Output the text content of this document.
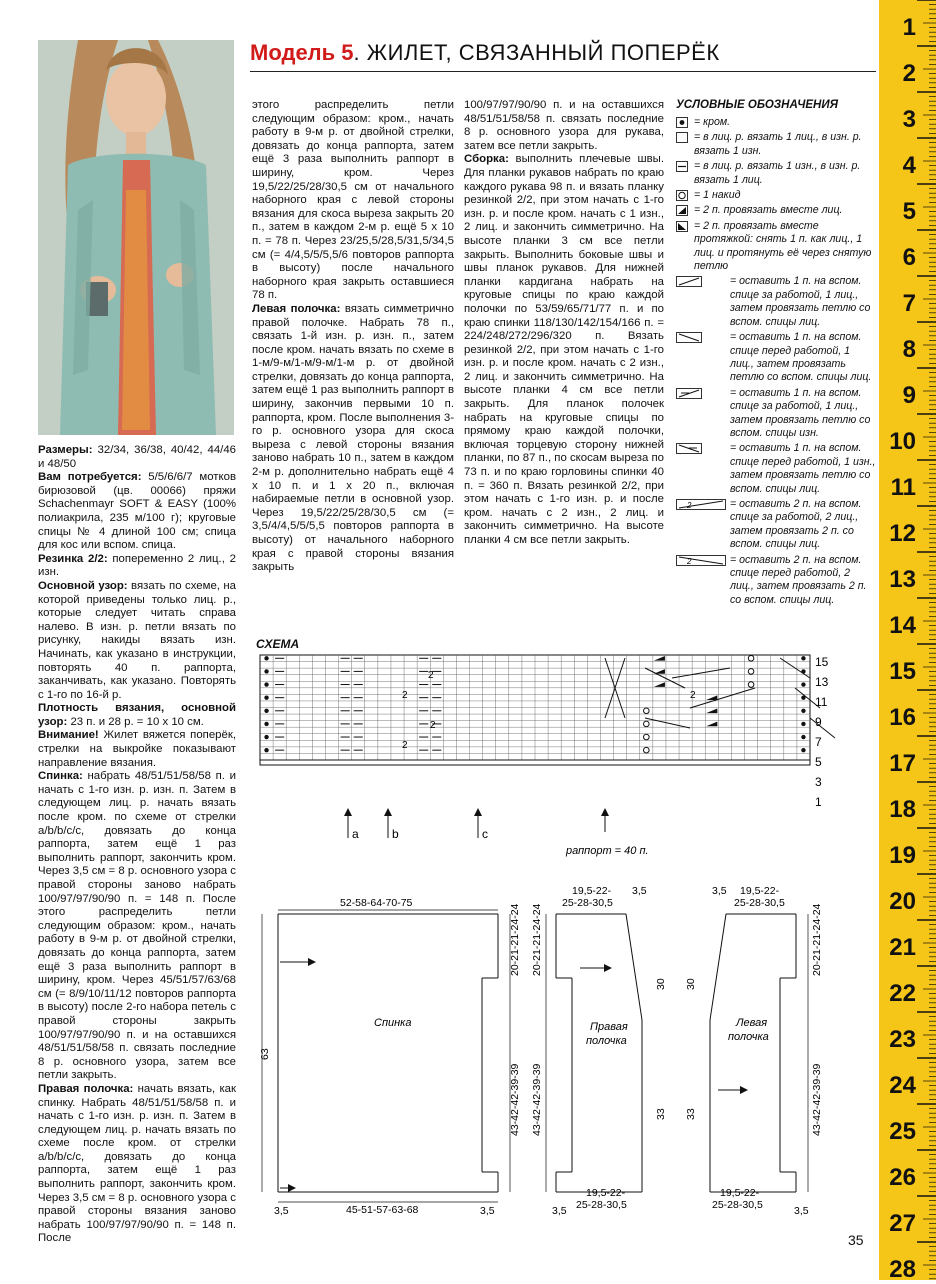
Модель 5. ЖИЛЕТ, СВЯЗАННЫЙ ПОПЕРЁК

Размеры: 32/34, 36/38, 40/42, 44/46 и 48/50

Вам потребуется: 5/5/6/6/7 мотков бирюзовой (цв. 00066) пряжи Schachenmayr SOFT & EASY (100% полиакрила, 235 м/100 г); круговые спицы № 4 длиной 100 см; спица для кос или вспом. спица.

Резинка 2/2: попеременно 2 лиц., 2 изн.

Основной узор: вязать по схеме, на которой приведены только лиц. р., которые следует читать справа налево. В изн. р. петли вязать по рисунку, накиды вязать изн. Начинать, как указано в инструкции, повторять 40 п. раппорта, заканчивать, как указано. Повторять с 1-го по 16-й р.

Плотность вязания, основной узор: 23 п. и 28 р. = 10 х 10 см.

Внимание! Жилет вяжется поперёк, стрелки на выкройке показывают направление вязания.

Спинка: набрать 48/51/51/58/58 п. и начать с 1-го изн. р. изн. п. Затем в следующем лиц. р. начать вязать после кром. по схеме от стрелки a/b/b/c/c, довязать до конца раппорта, затем ещё 1 раз выполнить раппорт, закончить кром. Через 3,5 см = 8 р. основного узора с правой стороны заново набрать 100/97/97/90/90 п. = 148 п. После этого распределить петли следующим образом: кром., начать работу в 9-м р. от двойной стрелки, довязать до конца раппорта, затем ещё 3 раза выполнить раппорт в ширину, кром. Через 45/51/57/63/68 см (= 8/9/10/11/12 повторов раппорта в высоту) после 2-го набора петель с правой стороны закрыть 100/97/97/90/90 п. и на оставшихся 48/51/51/58/58 п. связать последние 8 р. основного узора, затем все петли закрыть.

Правая полочка: начать вязать, как спинку. Набрать 48/51/51/58/58 п. и начать с 1-го изн. р. изн. п. Затем в следующем лиц. р. начать вязать по схеме после кром. от стрелки a/b/b/c/c, довязать до конца раппорта, затем ещё 1 раз выполнить раппорт, закончить кром. Через 3,5 см = 8 р. основного узора с правой стороны вязания заново набрать 100/97/97/90/90 п. = 148 п. После

этого распределить петли следующим образом: кром., начать работу в 9-м р. от двойной стрелки, довязать до конца раппорта, затем ещё 3 раза выполнить раппорт в ширину, кром. Через 19,5/22/25/28/30,5 см от начального наборного края с левой стороны вязания для скоса выреза закрыть 20 п., затем в каждом 2-м р. ещё 5 х 10 п. = 78 п. Через 23/25,5/28,5/31,5/34,5 см (= 4/4,5/5/5,5/6 повторов раппорта в высоту) после начального наборного края закрыть оставшиеся 78 п.

Левая полочка: вязать симметрично правой полочке. Набрать 78 п., связать 1-й изн. р. изн. п., затем после кром. начать вязать по схеме в 1-м/9-м/1-м/9-м/1-м р. от двойной стрелки, довязать до конца раппорта, затем ещё 1 раз выполнить раппорт в ширину, закончив первыми 10 п. раппорта, кром. После выполнения 3-го р. основного узора для скоса выреза с левой стороны вязания заново набрать 10 п., затем в каждом 2-м р. дополнительно набрать ещё 4 х 10 п. и 1 х 20 п., включая набираемые петли в основной узор. Через 19,5/22/25/28/30,5 см (= 3,5/4/4,5/5/5,5 повторов раппорта в высоту) от начального наборного края с правой стороны вязания закрыть

100/97/97/90/90 п. и на оставшихся 48/51/51/58/58 п. связать последние 8 р. основного узора для рукава, затем все петли закрыть.

Сборка: выполнить плечевые швы. Для планки рукавов набрать по краю каждого рукава 98 п. и вязать планку резинкой 2/2, при этом начать с 1-го изн. р. и после кром. начать с 1 изн., 2 лиц. и закончить симметрично. На высоте планки 3 см все петли закрыть. Выполнить боковые швы и швы планок рукавов. Для нижней планки кардигана набрать на круговые спицы по краю каждой полочки по 53/59/65/71/77 п. и по краю спинки 118/130/142/154/166 п. = 224/248/272/296/320 п. Вязать резинкой 2/2, при этом начать с 1-го изн. р. и после кром. начать с 2 изн., 2 лиц. и закончить симметрично. На высоте планки 4 см все петли закрыть. Для планок полочек набрать на круговые спицы по прямому краю каждой полочки, включая торцевую сторону нижней планки, по 87 п., по скосам выреза по 73 п. и по краю горловины спинки 40 п. = 360 п. Вязать резинкой 2/2, при этом начать с 1-го изн. р. и после кром. начать с 2 изн., 2 лиц. и закончить симметрично. На высоте планки 4 см все петли закрыть.

УСЛОВНЫЕ ОБОЗНАЧЕНИЯ
= кром.
= в лиц. р. вязать 1 лиц., в изн. р. вязать 1 изн.
= в лиц. р. вязать 1 изн., в изн. р. вязать 1 лиц.
= 1 накид
= 2 п. провязать вместе лиц.
= 2 п. провязать вместе протяжкой: снять 1 п. как лиц., 1 лиц. и протянуть её через снятую петлю
= оставить 1 п. на вспом. спице за работой, 1 лиц., затем провязать петлю со вспом. спицы лиц.
= оставить 1 п. на вспом. спице перед работой, 1 лиц., затем провязать петлю со вспом. спицы лиц.
= оставить 1 п. на вспом. спице за работой, 1 лиц., затем провязать петлю со вспом. спицы изн.
= оставить 1 п. на вспом. спице перед работой, 1 изн., затем провязать петлю со вспом. спицы лиц.
2	= оставить 2 п. на вспом. спице за работой, 2 лиц., затем провязать 2 п. со вспом. спицы лиц.
2	= оставить 2 п. на вспом. спице перед работой, 2 лиц., затем провязать 2 п. со вспом. спицы лиц.
СХЕМА
2
2	2
2
2
15
13
11
9
7
5
3
1
a	b	c
раппорт = 40 п.
52-58-64-70-75
45-51-57-63-68
Спинка
63
20-21-21-24-24
43-42-42-39-39
3,5	3,5
19,5-22-
25-28-30,5
3,5
Правая
полочка
20-21-21-24-24
43-42-42-39-39
30
33
19,5-22-
25-28-30,5
3,5
19,5-22-
25-28-30,5
3,5
Левая
полочка
20-21-21-24-24
43-42-42-39-39
30
33
19,5-22-
25-28-30,5	3,5
1
2
3
4
5
6
7
8
9
10
11
12
13
14
15
16
17
18
19
20
21
22
23
24
25
26
27
28
35
